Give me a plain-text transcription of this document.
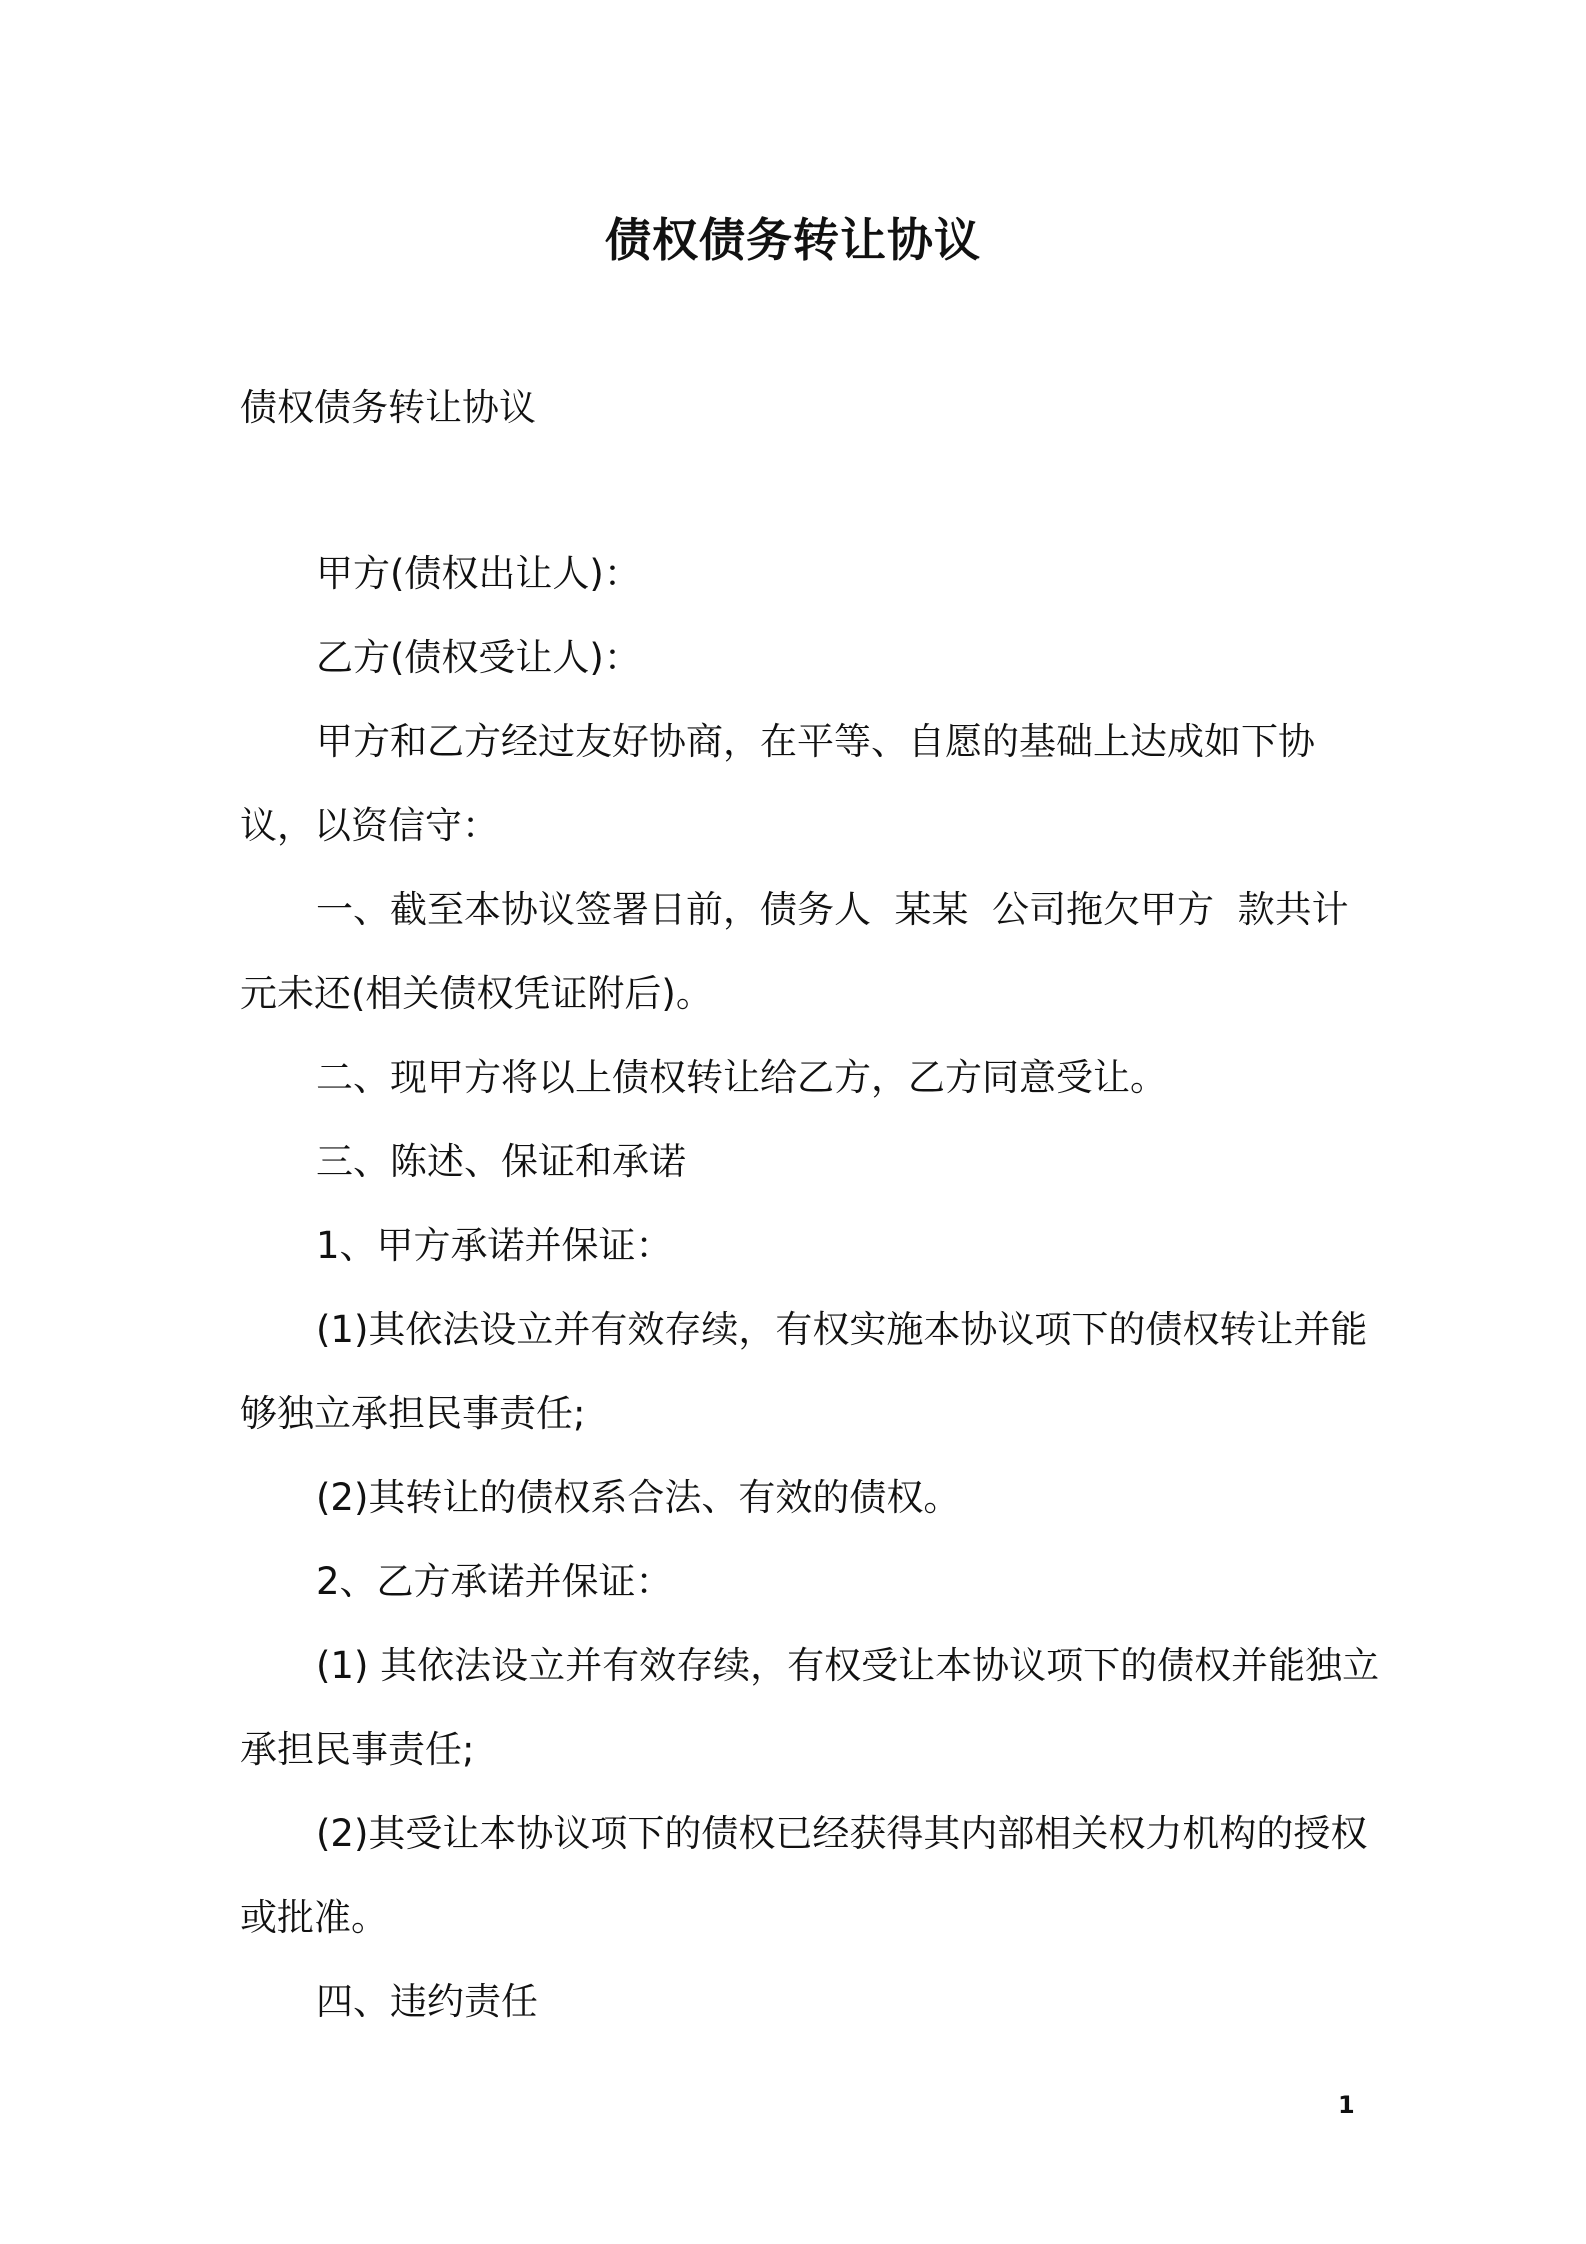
债权债务转让协议

债权债务转让协议

甲方(债权出让人)：

乙方(债权受让人)：

甲方和乙方经过友好协商，在平等、自愿的基础上达成如下协议，以资信守：

一、截至本协议签署日前，债务人  某某  公司拖欠甲方  款共计元未还(相关债权凭证附后)。

二、现甲方将以上债权转让给乙方，乙方同意受让。

三、陈述、保证和承诺

1、甲方承诺并保证：

(1)其依法设立并有效存续，有权实施本协议项下的债权转让并能够独立承担民事责任;

(2)其转让的债权系合法、有效的债权。

2、乙方承诺并保证：

(1) 其依法设立并有效存续，有权受让本协议项下的债权并能独立承担民事责任;

(2)其受让本协议项下的债权已经获得其内部相关权力机构的授权或批准。

四、违约责任

1
